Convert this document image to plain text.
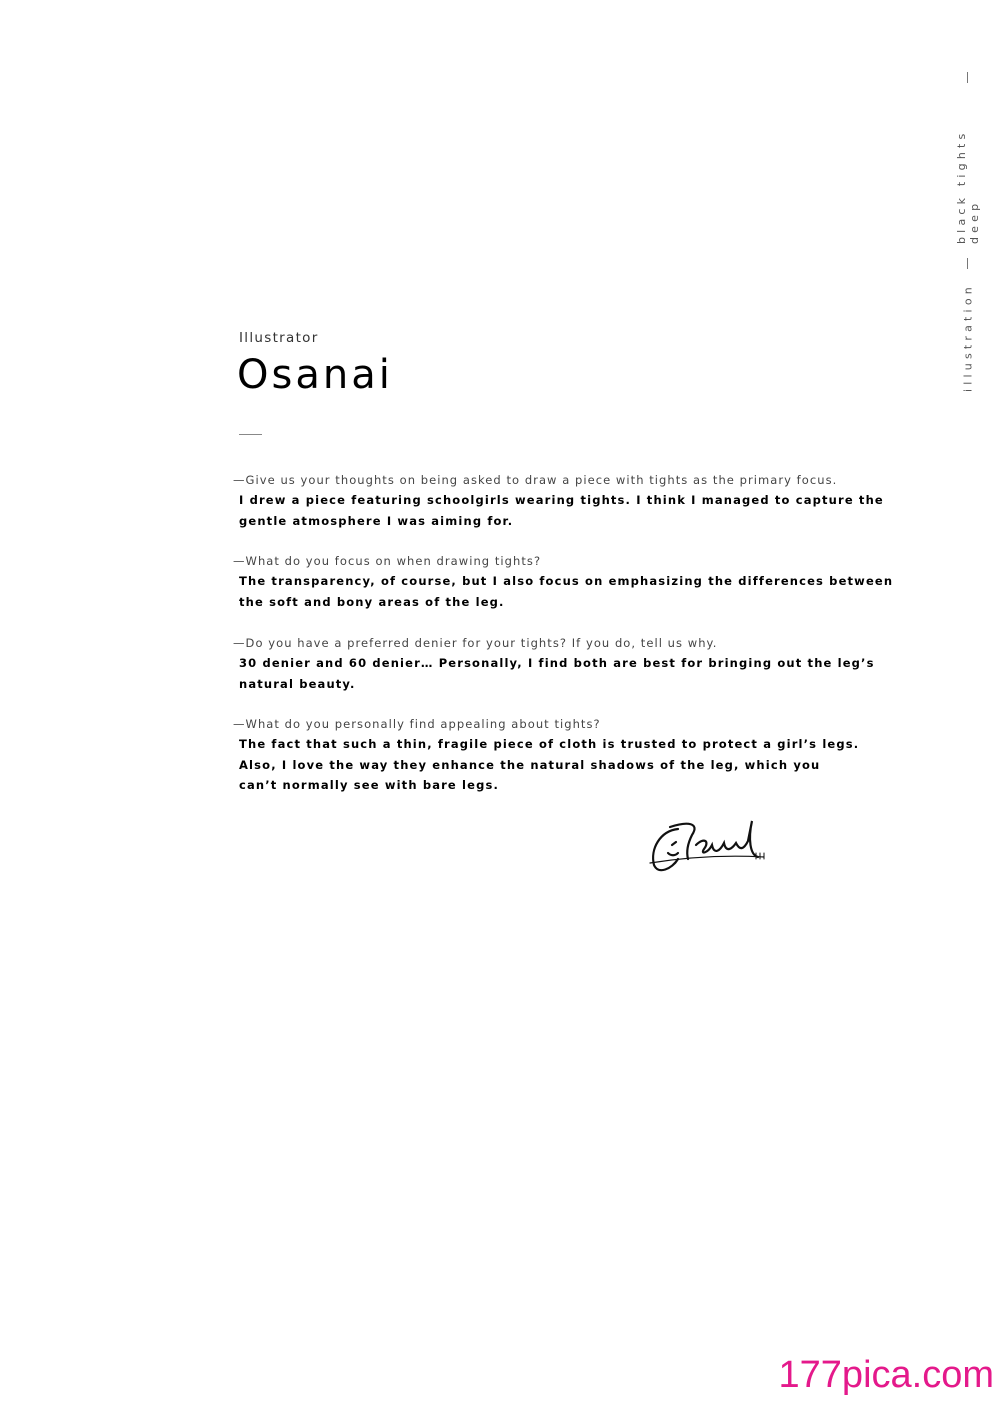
illustration
black tights deep
Illustrator
Osanai
—Give us your thoughts on being asked to draw a piece with tights as the primary focus.
I drew a piece featuring schoolgirls wearing tights. I think I managed to capture the
gentle atmosphere I was aiming for.
—What do you focus on when drawing tights?
The transparency, of course, but I also focus on emphasizing the differences between
the soft and bony areas of the leg.
—Do you have a preferred denier for your tights? If you do, tell us why.
30 denier and 60 denier… Personally, I find both are best for bringing out the leg’s
natural beauty.
—What do you personally find appealing about tights?
The fact that such a thin, fragile piece of cloth is trusted to protect a girl’s legs.
Also, I love the way they enhance the natural shadows of the leg, which you
can’t normally see with bare legs.
177pica.com
